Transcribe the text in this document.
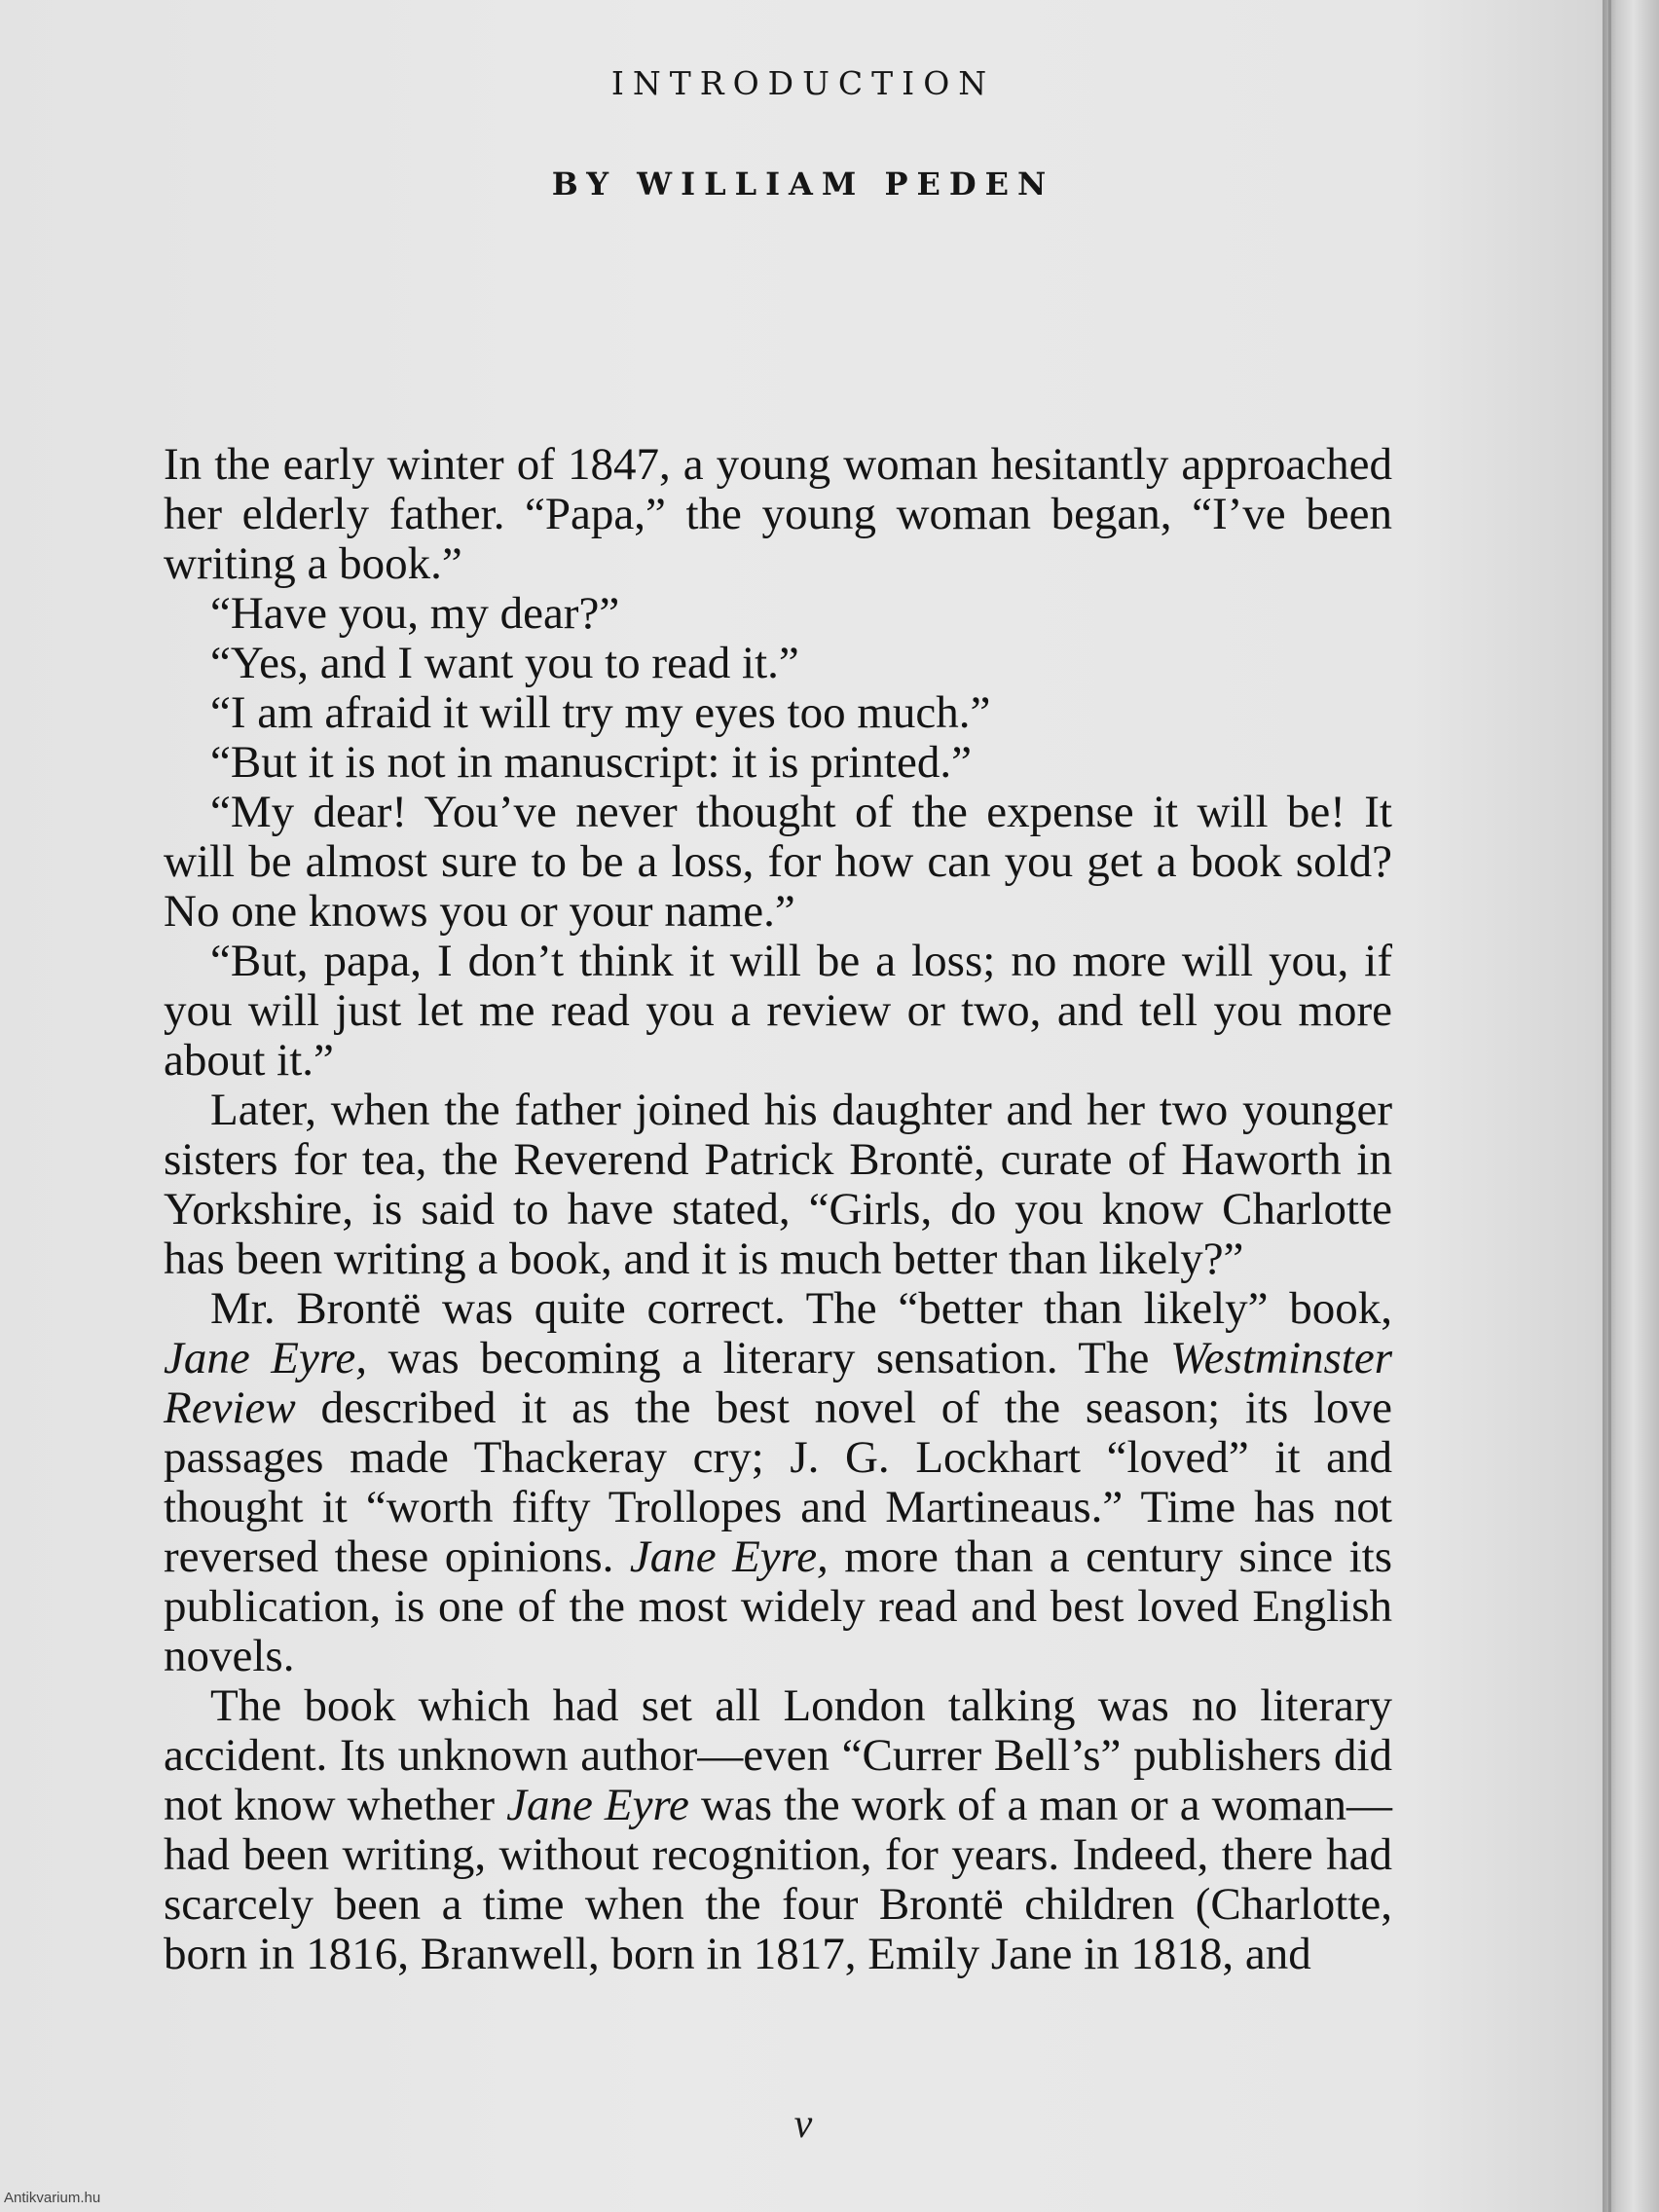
INTRODUCTION
BY WILLIAM PEDEN

In the early winter of 1847, a young woman hesitantly approached her elderly father. “Papa,” the young woman began, “I’ve been writing a book.”

“Have you, my dear?”

“Yes, and I want you to read it.”

“I am afraid it will try my eyes too much.”

“But it is not in manuscript: it is printed.”

“My dear! You’ve never thought of the expense it will be! It will be almost sure to be a loss, for how can you get a book sold? No one knows you or your name.”

“But, papa, I don’t think it will be a loss; no more will you, if you will just let me read you a review or two, and tell you more about it.”

Later, when the father joined his daughter and her two younger sisters for tea, the Reverend Patrick Brontë, curate of Haworth in Yorkshire, is said to have stated, “Girls, do you know Charlotte has been writing a book, and it is much better than likely?”

Mr. Brontë was quite correct. The “better than likely” book, Jane Eyre, was becoming a literary sensation. The Westminster Review described it as the best novel of the season; its love passages made Thackeray cry; J. G. Lockhart “loved” it and thought it “worth fifty Trollopes and Martineaus.” Time has not reversed these opinions. Jane Eyre, more than a century since its publication, is one of the most widely read and best loved English novels.

The book which had set all London talking was no literary accident. Its unknown author—even “Currer Bell’s” publishers did not know whether Jane Eyre was the work of a man or a woman—had been writing, without recognition, for years. Indeed, there had scarcely been a time when the four Brontë children (Charlotte, born in 1816, Branwell, born in 1817, Emily Jane in 1818, and

v
Antikvarium.hu
